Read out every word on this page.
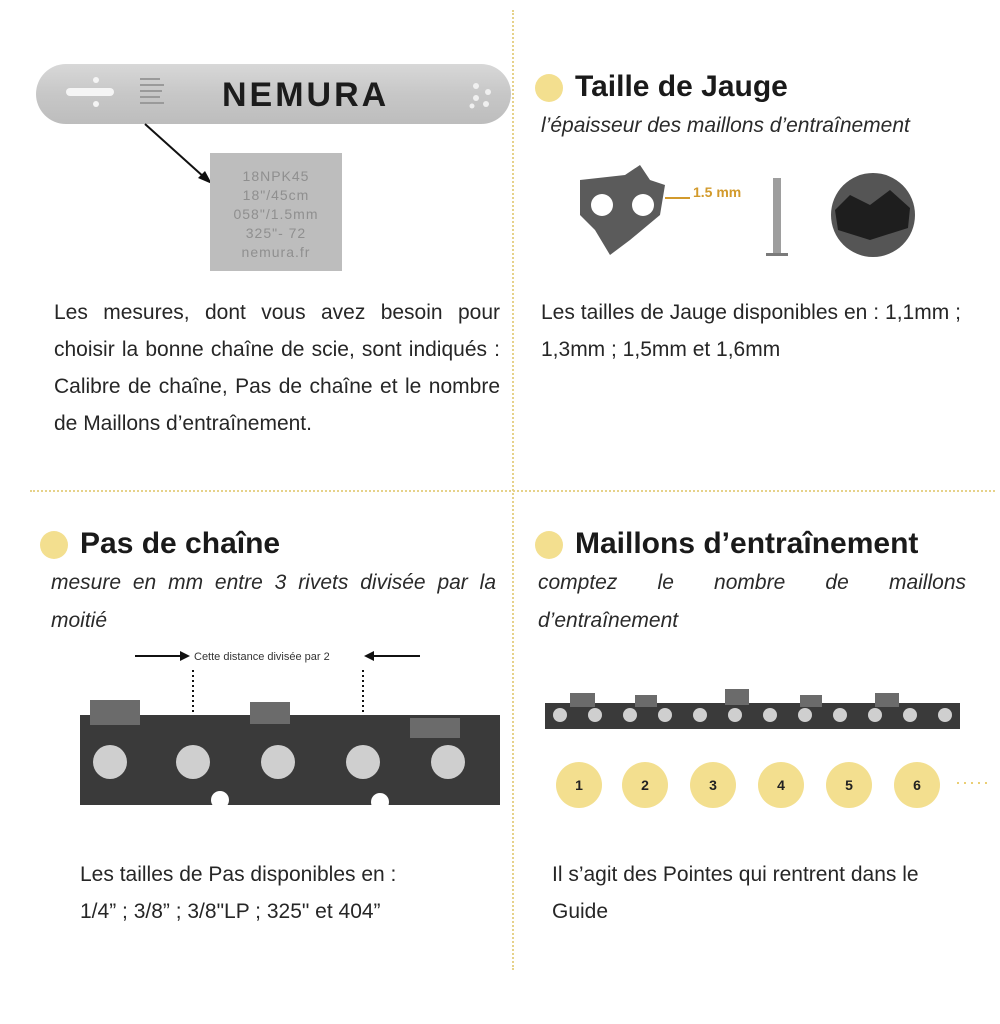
NEMURA
18NPK45
18"/45cm
058"/1.5mm
325"- 72
nemura.fr
Les mesures, dont vous avez besoin pour choisir la bonne chaîne de scie, sont indiqués : Calibre de chaîne, Pas de chaîne et le nombre de Maillons d’entraînement.
Taille de Jauge
l’épaisseur des maillons d’entraînement
1.5 mm
Les tailles de Jauge disponibles en : 1,1mm ; 1,3mm ; 1,5mm et 1,6mm
Pas de chaîne
mesure en mm entre 3 rivets divisée par la moitié
Cette distance divisée par 2
Les tailles de Pas disponibles en :
1/4” ; 3/8” ; 3/8"LP ; 325" et 404”
Maillons d’entraînement
comptez le nombre de maillons d’entraînement
1	2	3	4	5	6	·····
Il s’agit des Pointes qui rentrent dans le Guide
